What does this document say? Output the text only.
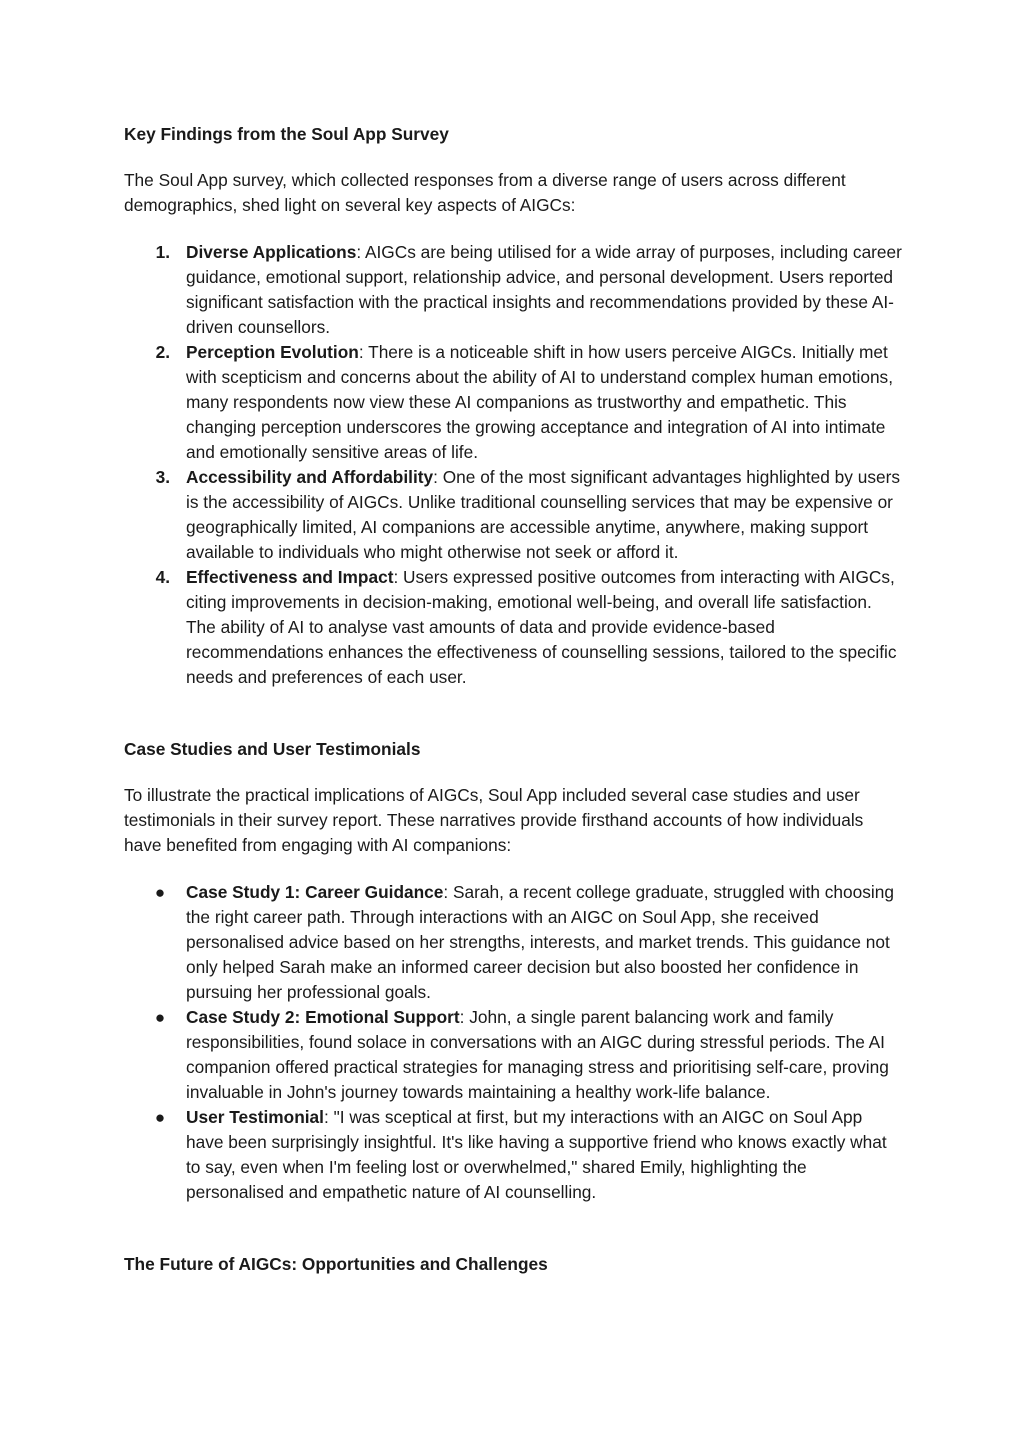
Key Findings from the Soul App Survey

The Soul App survey, which collected responses from a diverse range of users across different demographics, shed light on several key aspects of AIGCs:

1. Diverse Applications: AIGCs are being utilised for a wide array of purposes, including career guidance, emotional support, relationship advice, and personal development. Users reported significant satisfaction with the practical insights and recommendations provided by these AI-driven counsellors.
2. Perception Evolution: There is a noticeable shift in how users perceive AIGCs. Initially met with scepticism and concerns about the ability of AI to understand complex human emotions, many respondents now view these AI companions as trustworthy and empathetic. This changing perception underscores the growing acceptance and integration of AI into intimate and emotionally sensitive areas of life.
3. Accessibility and Affordability: One of the most significant advantages highlighted by users is the accessibility of AIGCs. Unlike traditional counselling services that may be expensive or geographically limited, AI companions are accessible anytime, anywhere, making support available to individuals who might otherwise not seek or afford it.
4. Effectiveness and Impact: Users expressed positive outcomes from interacting with AIGCs, citing improvements in decision-making, emotional well-being, and overall life satisfaction. The ability of AI to analyse vast amounts of data and provide evidence-based recommendations enhances the effectiveness of counselling sessions, tailored to the specific needs and preferences of each user.
Case Studies and User Testimonials

To illustrate the practical implications of AIGCs, Soul App included several case studies and user testimonials in their survey report. These narratives provide firsthand accounts of how individuals have benefited from engaging with AI companions:

● Case Study 1: Career Guidance: Sarah, a recent college graduate, struggled with choosing the right career path. Through interactions with an AIGC on Soul App, she received personalised advice based on her strengths, interests, and market trends. This guidance not only helped Sarah make an informed career decision but also boosted her confidence in pursuing her professional goals.
● Case Study 2: Emotional Support: John, a single parent balancing work and family responsibilities, found solace in conversations with an AIGC during stressful periods. The AI companion offered practical strategies for managing stress and prioritising self-care, proving invaluable in John's journey towards maintaining a healthy work-life balance.
● User Testimonial: "I was sceptical at first, but my interactions with an AIGC on Soul App have been surprisingly insightful. It's like having a supportive friend who knows exactly what to say, even when I'm feeling lost or overwhelmed," shared Emily, highlighting the personalised and empathetic nature of AI counselling.
The Future of AIGCs: Opportunities and Challenges
